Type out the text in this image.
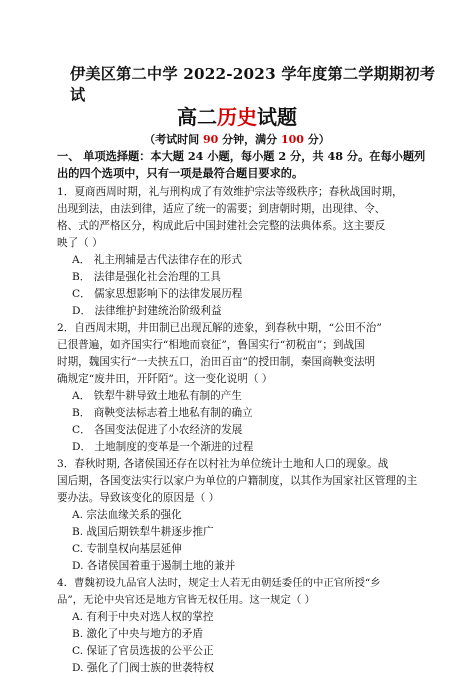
伊美区第二中学 2022-2023 学年度第二学期期初考
试
高二历史试题
（考试时间 90 分钟，满分 100 分）
一、 单项选择题：本大题 24 小题，每小题 2 分，共 48 分。在每小题列
出的四个选项中，只有一项是最符合题目要求的。
1．夏商西周时期，礼与刑构成了有效维护宗法等级秩序；春秋战国时期，
出现到法，由法到律，适应了统一的需要；到唐朝时期，出现律、令、
格、式的严格区分，构成此后中国封建社会完整的法典体系。这主要反
映了（ ）
A． 礼主刑辅是古代法律存在的形式
B． 法律是强化社会治理的工具
C． 儒家思想影响下的法律发展历程
D． 法律维护封建统治阶级利益
2．自西周末期，井田制已出现瓦解的迹象，到春秋中期，“公田不治”
已很普遍，如齐国实行“相地而衰征”，鲁国实行“初税亩”；到战国
时期，魏国实行“一夫挟五口，治田百亩”的授田制，秦国商鞅变法明
确规定“废井田，开阡陌”。这一变化说明（ ）
A． 铁犁牛耕导致土地私有制的产生
B． 商鞅变法标志着土地私有制的确立
C． 各国变法促进了小农经济的发展
D． 土地制度的变革是一个渐进的过程
3．春秋时期, 各诸侯国还存在以村社为单位统计土地和人口的现象。战
国后期，各国变法实行以家户为单位的户籍制度，以其作为国家社区管理的主
要办法。导致该变化的原因是（ ）
A. 宗法血缘关系的强化
B. 战国后期铁犁牛耕逐步推广
C. 专制皇权向基层延伸
D. 各诸侯国着重于遏制土地的兼并
4．曹魏初设九品官人法时，规定士人若无由朝廷委任的中正官所授“乡
品”，无论中央官还是地方官皆无权任用。这一规定（ ）
A. 有利于中央对选人权的掌控
B. 激化了中央与地方的矛盾
C. 保证了官员选拔的公平公正
D. 强化了门阀士族的世袭特权
